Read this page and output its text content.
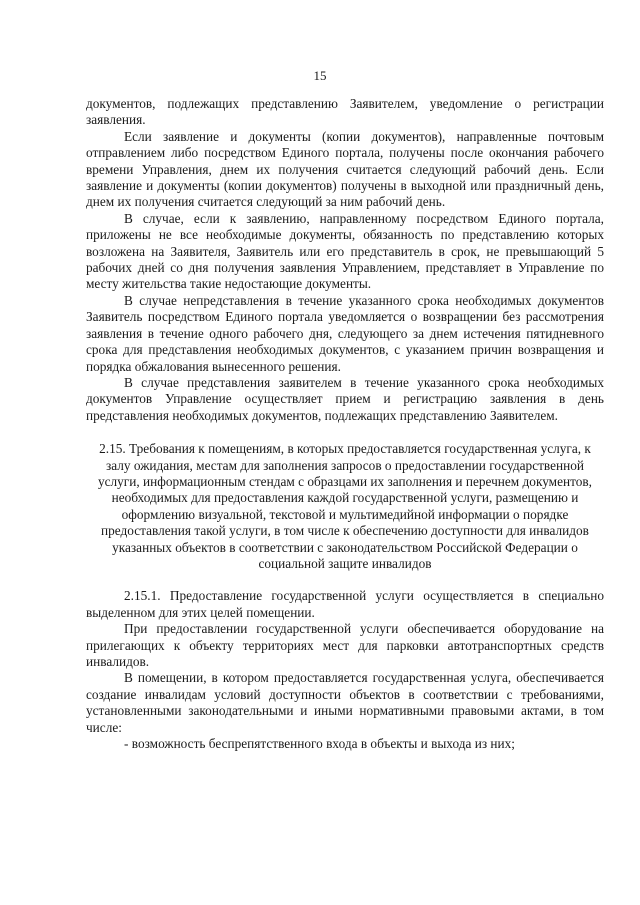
15

документов, подлежащих представлению Заявителем, уведомление о регистрации заявления.

Если заявление и документы (копии документов), направленные почтовым отправлением либо посредством Единого портала, получены после окончания рабочего времени Управления, днем их получения считается следующий рабочий день. Если заявление и документы (копии документов) получены в выходной или праздничный день, днем их получения считается следующий за ним рабочий день.

В случае, если к заявлению, направленному посредством Единого портала, приложены не все необходимые документы, обязанность по представлению которых возложена на Заявителя, Заявитель или его представитель в срок, не превышающий 5 рабочих дней со дня получения заявления Управлением, представляет в Управление по месту жительства такие недостающие документы.

В случае непредставления в течение указанного срока необходимых документов Заявитель посредством Единого портала уведомляется о возвращении без рассмотрения заявления в течение одного рабочего дня, следующего за днем истечения пятидневного срока для представления необходимых документов, с указанием причин возвращения и порядка обжалования вынесенного решения.

В случае представления заявителем в течение указанного срока необходимых документов Управление осуществляет прием и регистрацию заявления в день представления необходимых документов, подлежащих представлению Заявителем.

2.15. Требования к помещениям, в которых предоставляется государственная услуга, к залу ожидания, местам для заполнения запросов о предоставлении государственной услуги, информационным стендам с образцами их заполнения и перечнем документов, необходимых для предоставления каждой государственной услуги, размещению и оформлению визуальной, текстовой и мультимедийной информации о порядке предоставления такой услуги, в том числе к обеспечению доступности для инвалидов указанных объектов в соответствии с законодательством Российской Федерации о социальной защите инвалидов

2.15.1. Предоставление государственной услуги осуществляется в специально выделенном для этих целей помещении.

При предоставлении государственной услуги обеспечивается оборудование на прилегающих к объекту территориях мест для парковки автотранспортных средств инвалидов.

В помещении, в котором предоставляется государственная услуга, обеспечивается создание инвалидам условий доступности объектов в соответствии с требованиями, установленными законодательными и иными нормативными правовыми актами, в том числе:

- возможность беспрепятственного входа в объекты и выхода из них;
